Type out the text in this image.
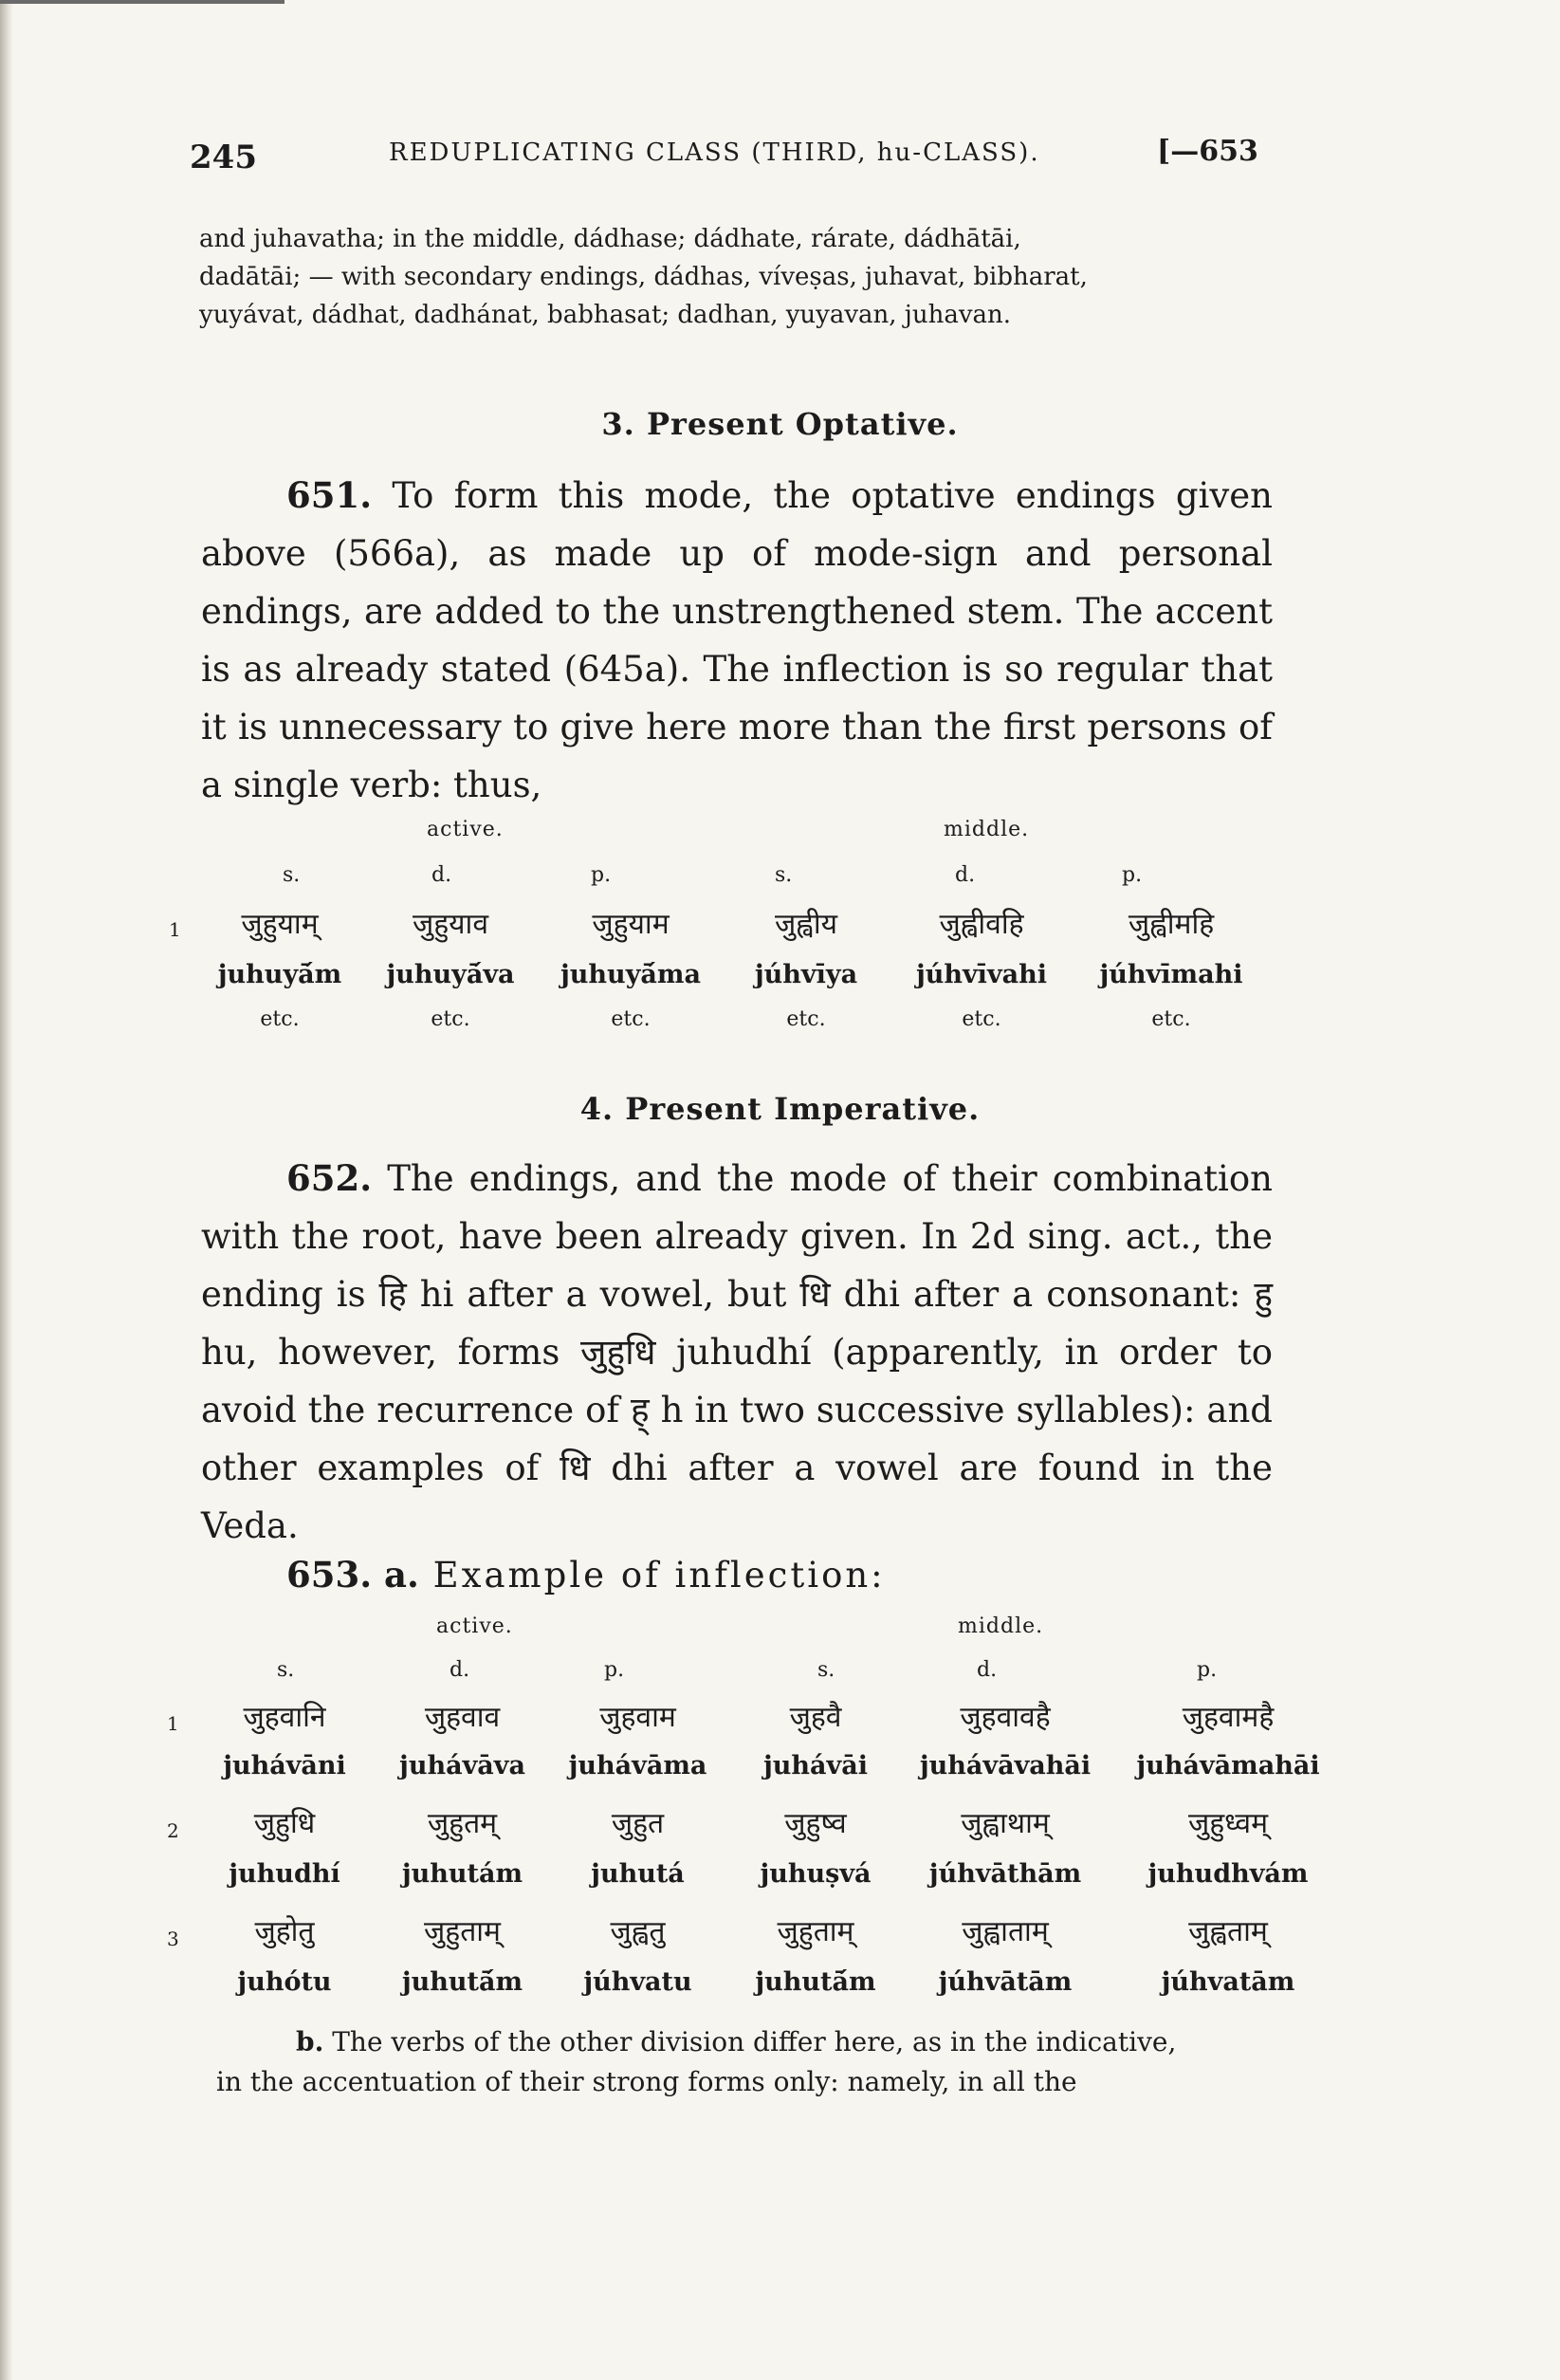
245	REDUPLICATING CLASS (THIRD, hu-CLASS).	[—653
and juhavatha; in the middle, dádhase; dádhate, rárate, dádhātāi,
dadātāi; — with secondary endings, dádhas, víveṣas, juhavat, bibharat,
yuyávat, dádhat, dadhánat, babhasat; dadhan, yuyavan, juhavan.
3. Present Optative.
651. To form this mode, the optative endings given above (566a), as made up of mode-sign and personal endings, are added to the unstrengthened stem. The accent is as already stated (645a). The inflection is so regular that it is unnecessary to give here more than the first persons of a single verb: thus,
active.	middle.
s.	d.	p.	s.	d.	p.
1	जुहुयाम्	जुहुयाव	जुहुयाम	जुह्वीय	जुह्वीवहि	जुह्वीमहि
juhuyā́m	juhuyā́va	juhuyā́ma	júhvīya	júhvīvahi	júhvīmahi
etc.	etc.	etc.	etc.	etc.	etc.
4. Present Imperative.
652. The endings, and the mode of their combination with the root, have been already given. In 2d sing. act., the ending is हि hi after a vowel, but धि dhi after a consonant: हु hu, however, forms जुहुधि juhudhí (apparently, in order to avoid the recurrence of ह् h in two successive syllables): and other examples of धि dhi after a vowel are found in the Veda.
653. a. Example of inflection:
active.	middle.
s.	d.	p.	s.	d.	p.
1	जुहवानि	जुहवाव	जुहवाम	जुहवै	जुहवावहै	जुहवामहै
juhávāni	juhávāva	juhávāma	juhávāi	juhávāvahāi	juhávāmahāi
2	जुहुधि	जुहुतम्	जुहुत	जुहुष्व	जुह्वाथाम्	जुहुध्वम्
juhudhí	juhutám	juhutá	juhuṣvá	júhvāthām	juhudhvám
3	जुहोतु	जुहुताम्	जुह्वतु	जुहुताम्	जुह्वाताम्	जुह्वताम्
juhótu	juhutā́m	júhvatu	juhutā́m	júhvātām	júhvatām
b. The verbs of the other division differ here, as in the indicative,
in the accentuation of their strong forms only: namely, in all the
